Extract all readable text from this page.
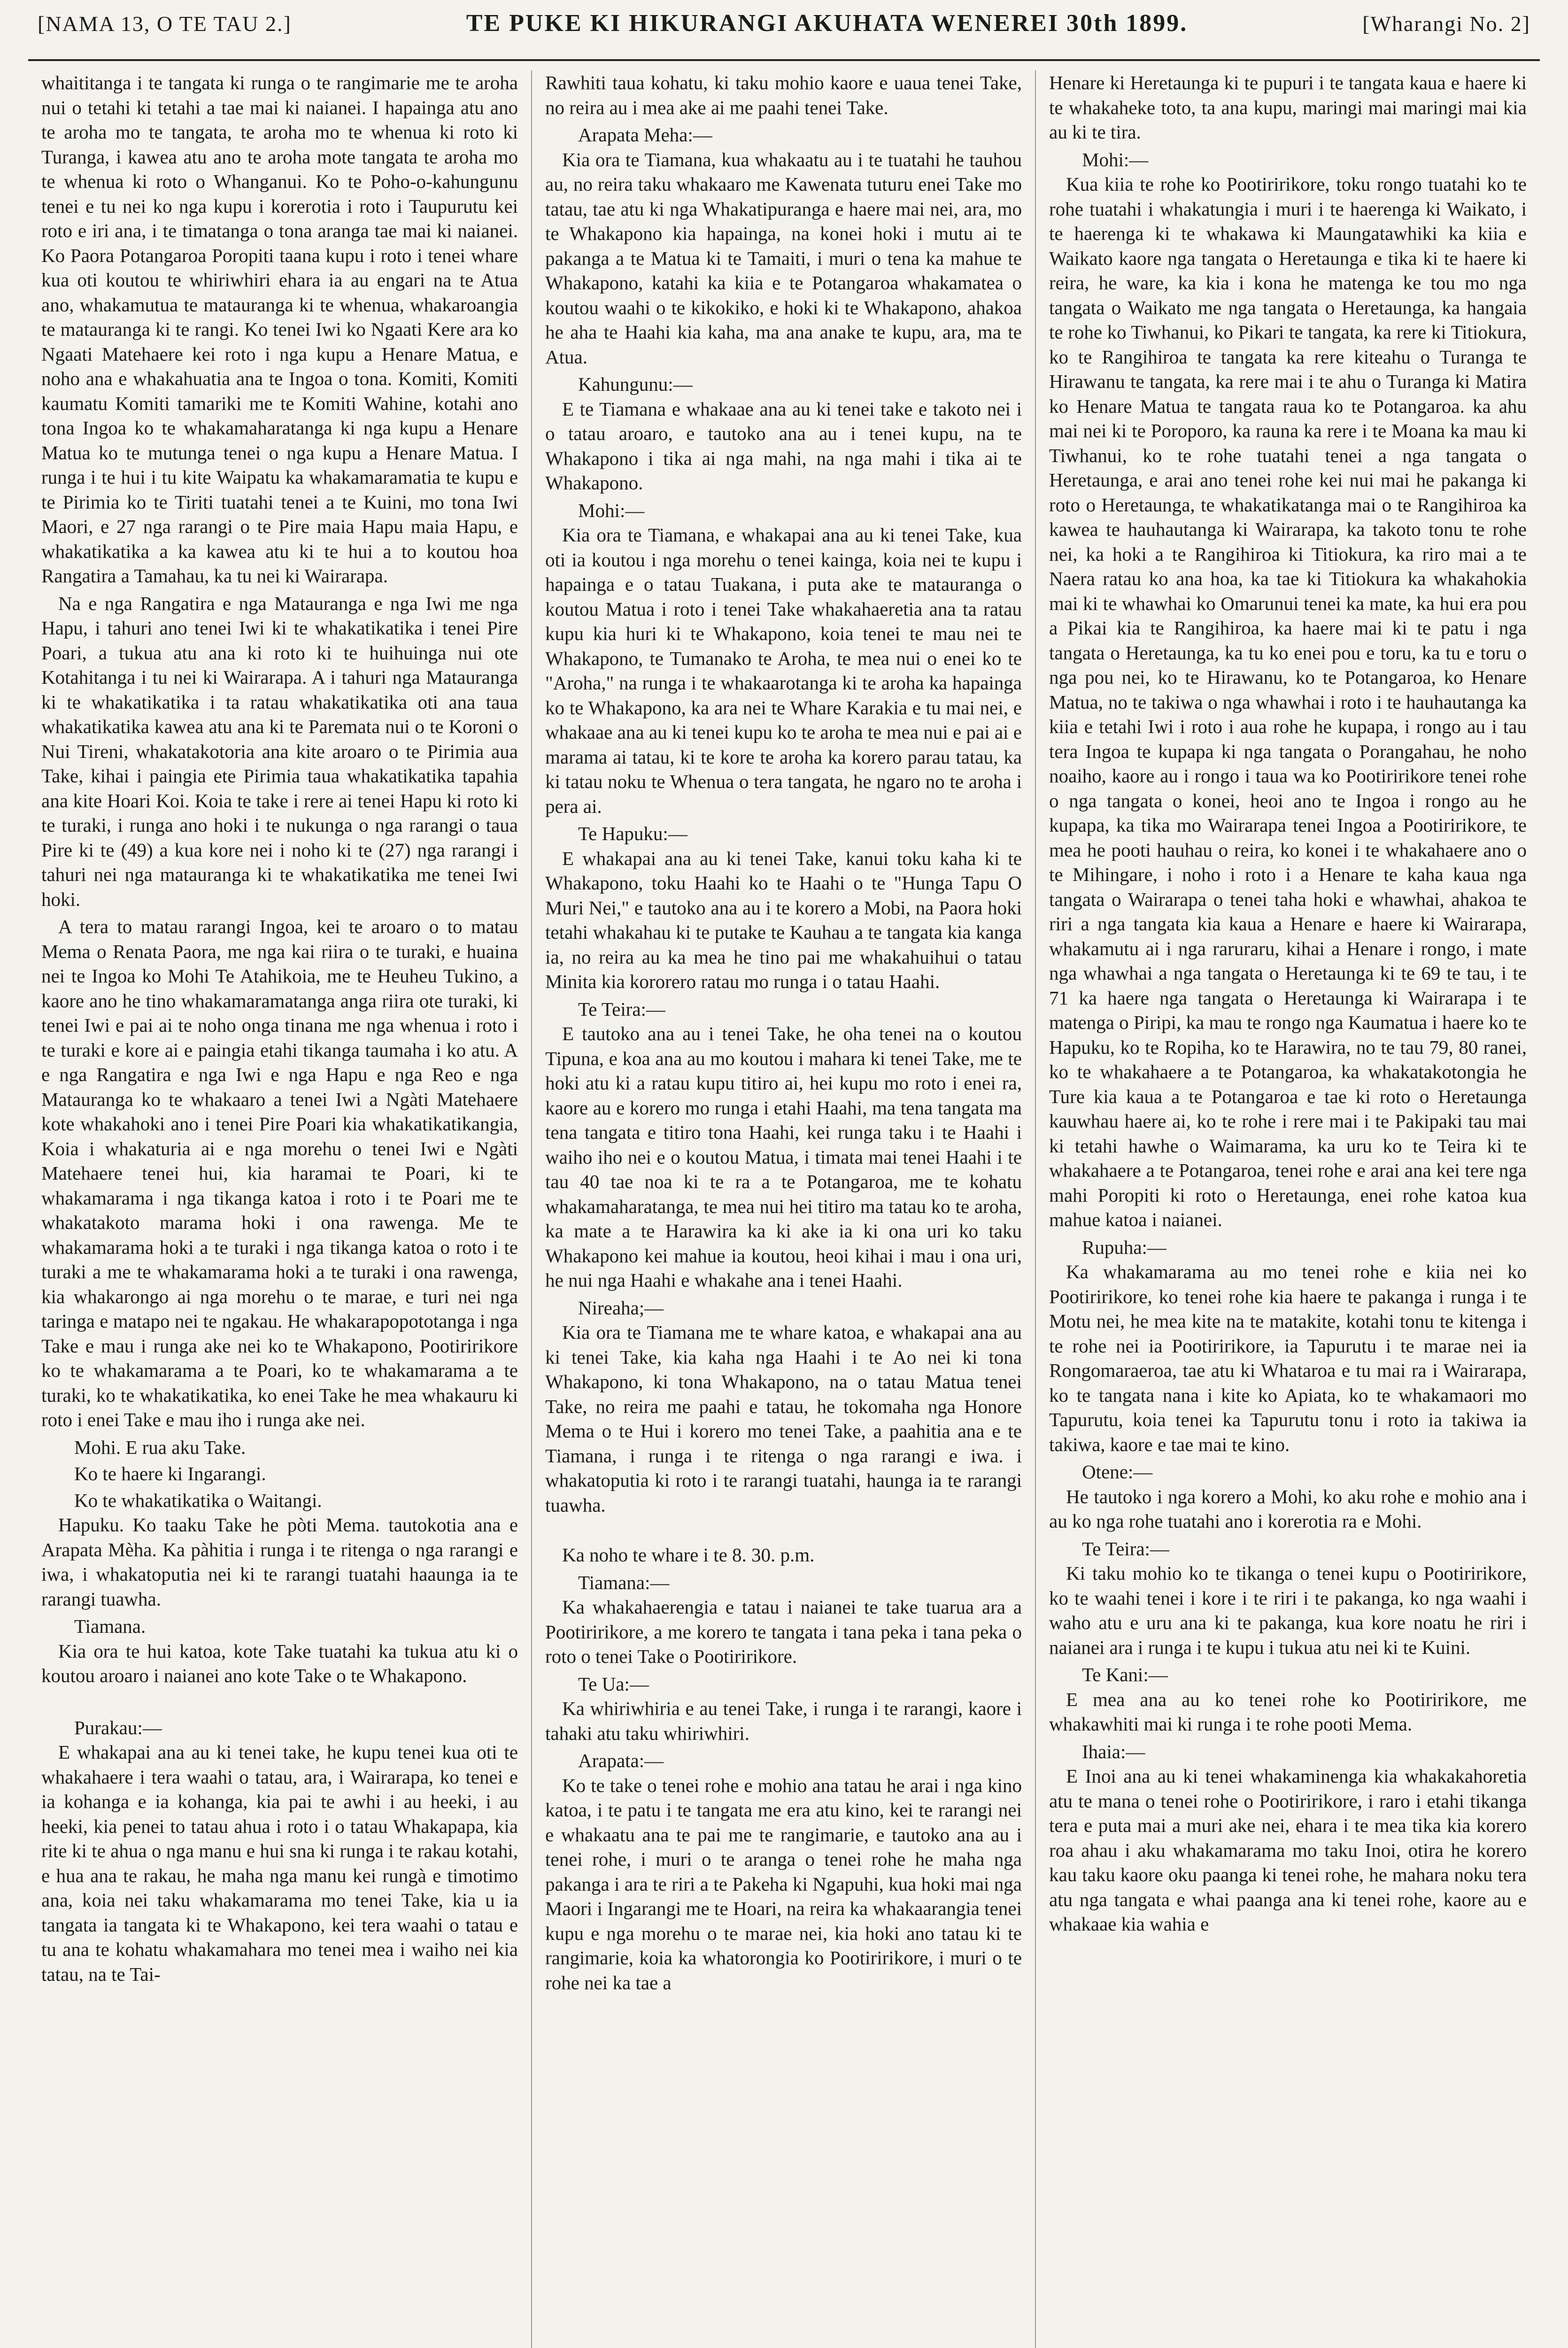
[NAMA 13, O TE TAU 2.]	TE PUKE KI HIKURANGI AKUHATA WENEREI 30th 1899.	[Wharangi No. 2]

whaititanga i te tangata ki runga o te rangimarie me te aroha nui o tetahi ki tetahi a tae mai ki naianei. I hapainga atu ano te aroha mo te tangata, te aroha mo te whenua ki roto ki Turanga, i kawea atu ano te aroha mote tangata te aroha mo te whenua ki roto o Whanganui. Ko te Poho-o-kahungunu tenei e tu nei ko nga kupu i korerotia i roto i Taupurutu kei roto e iri ana, i te timatanga o tona aranga tae mai ki naianei. Ko Paora Potangaroa Poropiti taana kupu i roto i tenei whare kua oti koutou te whiriwhiri ehara ia au engari na te Atua ano, whakamutua te matauranga ki te whenua, whakaroangia te matauranga ki te rangi. Ko tenei Iwi ko Ngaati Kere ara ko Ngaati Matehaere kei roto i nga kupu a Henare Matua, e noho ana e whakahuatia ana te Ingoa o tona. Komiti, Komiti kaumatu Komiti tamariki me te Komiti Wahine, kotahi ano tona Ingoa ko te whakamaharatanga ki nga kupu a Henare Matua ko te mutunga tenei o nga kupu a Henare Matua. I runga i te hui i tu kite Waipatu ka whakamaramatia te kupu e te Pirimia ko te Tiriti tuatahi tenei a te Kuini, mo tona Iwi Maori, e 27 nga rarangi o te Pire maia Hapu maia Hapu, e whakatikatika a ka kawea atu ki te hui a to koutou hoa Rangatira a Tamahau, ka tu nei ki Wairarapa.

Na e nga Rangatira e nga Matauranga e nga Iwi me nga Hapu, i tahuri ano tenei Iwi ki te whakatikatika i tenei Pire Poari, a tukua atu ana ki roto ki te huihuinga nui ote Kotahitanga i tu nei ki Wairarapa. A i tahuri nga Matauranga ki te whakatikatika i ta ratau whakatikatika oti ana taua whakatikatika kawea atu ana ki te Paremata nui o te Koroni o Nui Tireni, whakatakotoria ana kite aroaro o te Pirimia aua Take, kihai i paingia ete Pirimia taua whakatikatika tapahia ana kite Hoari Koi. Koia te take i rere ai tenei Hapu ki roto ki te turaki, i runga ano hoki i te nukunga o nga rarangi o taua Pire ki te (49) a kua kore nei i noho ki te (27) nga rarangi i tahuri nei nga matauranga ki te whakatikatika me tenei Iwi hoki.

A tera to matau rarangi Ingoa, kei te aroaro o to matau Mema o Renata Paora, me nga kai riira o te turaki, e huaina nei te Ingoa ko Mohi Te Atahikoia, me te Heuheu Tukino, a kaore ano he tino whakamaramatanga anga riira ote turaki, ki tenei Iwi e pai ai te noho onga tinana me nga whenua i roto i te turaki e kore ai e paingia etahi tikanga taumaha i ko atu. A e nga Rangatira e nga Iwi e nga Hapu e nga Reo e nga Matauranga ko te whakaaro a tenei Iwi a Ngàti Matehaere kote whakahoki ano i tenei Pire Poari kia whakatikatikangia, Koia i whakaturia ai e nga morehu o tenei Iwi e Ngàti Matehaere tenei hui, kia haramai te Poari, ki te whakamarama i nga tikanga katoa i roto i te Poari me te whakatakoto marama hoki i ona rawenga. Me te whakamarama hoki a te turaki i nga tikanga katoa o roto i te turaki a me te whakamarama hoki a te turaki i ona rawenga, kia whakarongo ai nga morehu o te marae, e turi nei nga taringa e matapo nei te ngakau. He whakarapopototanga i nga Take e mau i runga ake nei ko te Whakapono, Pootiririkore ko te whakamarama a te Poari, ko te whakamarama a te turaki, ko te whakatikatika, ko enei Take he mea whakauru ki roto i enei Take e mau iho i runga ake nei.

Mohi. E rua aku Take.
Ko te haere ki Ingarangi.
Ko te whakatikatika o Waitangi.

Hapuku. Ko taaku Take he pòti Mema. tautokotia ana e Arapata Mèha. Ka pàhitia i runga i te ritenga o nga rarangi e iwa, i whakatoputia nei ki te rarangi tuatahi haaunga ia te rarangi tuawha.

Tiamana.

Kia ora te hui katoa, kote Take tuatahi ka tukua atu ki o koutou aroaro i naianei ano kote Take o te Whakapono.

Purakau:—

E whakapai ana au ki tenei take, he kupu tenei kua oti te whakahaere i tera waahi o tatau, ara, i Wairarapa, ko tenei e ia kohanga e ia kohanga, kia pai te awhi i au heeki, i au heeki, kia penei to tatau ahua i roto i o tatau Whakapapa, kia rite ki te ahua o nga manu e hui sna ki runga i te rakau kotahi, e hua ana te rakau, he maha nga manu kei rungà e timotimo ana, koia nei taku whakamarama mo tenei Take, kia u ia tangata ia tangata ki te Whakapono, kei tera waahi o tatau e tu ana te kohatu whakamahara mo tenei mea i waiho nei kia tatau, na te Tai-

Rawhiti taua kohatu, ki taku mohio kaore e uaua tenei Take, no reira au i mea ake ai me paahi tenei Take.

Arapata Meha:—

Kia ora te Tiamana, kua whakaatu au i te tuatahi he tauhou au, no reira taku whakaaro me Kawenata tuturu enei Take mo tatau, tae atu ki nga Whakatipuranga e haere mai nei, ara, mo te Whakapono kia hapainga, na konei hoki i mutu ai te pakanga a te Matua ki te Tamaiti, i muri o tena ka mahue te Whakapono, katahi ka kiia e te Potangaroa whakamatea o koutou waahi o te kikokiko, e hoki ki te Whakapono, ahakoa he aha te Haahi kia kaha, ma ana anake te kupu, ara, ma te Atua.

Kahungunu:—

E te Tiamana e whakaae ana au ki tenei take e takoto nei i o tatau aroaro, e tautoko ana au i tenei kupu, na te Whakapono i tika ai nga mahi, na nga mahi i tika ai te Whakapono.

Mohi:—

Kia ora te Tiamana, e whakapai ana au ki tenei Take, kua oti ia koutou i nga morehu o tenei kainga, koia nei te kupu i hapainga e o tatau Tuakana, i puta ake te matauranga o koutou Matua i roto i tenei Take whakahaeretia ana ta ratau kupu kia huri ki te Whakapono, koia tenei te mau nei te Whakapono, te Tumanako te Aroha, te mea nui o enei ko te "Aroha," na runga i te whakaarotanga ki te aroha ka hapainga ko te Whakapono, ka ara nei te Whare Karakia e tu mai nei, e whakaae ana au ki tenei kupu ko te aroha te mea nui e pai ai e marama ai tatau, ki te kore te aroha ka korero parau tatau, ka ki tatau noku te Whenua o tera tangata, he ngaro no te aroha i pera ai.

Te Hapuku:—

E whakapai ana au ki tenei Take, kanui toku kaha ki te Whakapono, toku Haahi ko te Haahi o te "Hunga Tapu O Muri Nei," e tautoko ana au i te korero a Mobi, na Paora hoki tetahi whakahau ki te putake te Kauhau a te tangata kia kanga ia, no reira au ka mea he tino pai me whakahuihui o tatau Minita kia kororero ratau mo runga i o tatau Haahi.

Te Teira:—

E tautoko ana au i tenei Take, he oha tenei na o koutou Tipuna, e koa ana au mo koutou i mahara ki tenei Take, me te hoki atu ki a ratau kupu titiro ai, hei kupu mo roto i enei ra, kaore au e korero mo runga i etahi Haahi, ma tena tangata ma tena tangata e titiro tona Haahi, kei runga taku i te Haahi i waiho iho nei e o koutou Matua, i timata mai tenei Haahi i te tau 40 tae noa ki te ra a te Potangaroa, me te kohatu whakamaharatanga, te mea nui hei titiro ma tatau ko te aroha, ka mate a te Harawira ka ki ake ia ki ona uri ko taku Whakapono kei mahue ia koutou, heoi kihai i mau i ona uri, he nui nga Haahi e whakahe ana i tenei Haahi.

Nireaha;—

Kia ora te Tiamana me te whare katoa, e whakapai ana au ki tenei Take, kia kaha nga Haahi i te Ao nei ki tona Whakapono, ki tona Whakapono, na o tatau Matua tenei Take, no reira me paahi e tatau, he tokomaha nga Honore Mema o te Hui i korero mo tenei Take, a paahitia ana e te Tiamana, i runga i te ritenga o nga rarangi e iwa. i whakatoputia ki roto i te rarangi tuatahi, haunga ia te rarangi tuawha.

Ka noho te whare i te 8. 30. p.m.

Tiamana:—

Ka whakahaerengia e tatau i naianei te take tuarua ara a Pootiririkore, a me korero te tangata i tana peka i tana peka o roto o tenei Take o Pootiririkore.

Te Ua:—

Ka whiriwhiria e au tenei Take, i runga i te rarangi, kaore i tahaki atu taku whiriwhiri.

Arapata:—

Ko te take o tenei rohe e mohio ana tatau he arai i nga kino katoa, i te patu i te tangata me era atu kino, kei te rarangi nei e whakaatu ana te pai me te rangimarie, e tautoko ana au i tenei rohe, i muri o te aranga o tenei rohe he maha nga pakanga i ara te riri a te Pakeha ki Ngapuhi, kua hoki mai nga Maori i Ingarangi me te Hoari, na reira ka whakaarangia tenei kupu e nga morehu o te marae nei, kia hoki ano tatau ki te rangimarie, koia ka whatorongia ko Pootiririkore, i muri o te rohe nei ka tae a

Henare ki Heretaunga ki te pupuri i te tangata kaua e haere ki te whakaheke toto, ta ana kupu, maringi mai maringi mai kia au ki te tira.

Mohi:—

Kua kiia te rohe ko Pootiririkore, toku rongo tuatahi ko te rohe tuatahi i whakatungia i muri i te haerenga ki Waikato, i te haerenga ki te whakawa ki Maungatawhiki ka kiia e Waikato kaore nga tangata o Heretaunga e tika ki te haere ki reira, he ware, ka kia i kona he matenga ke tou mo nga tangata o Waikato me nga tangata o Heretaunga, ka hangaia te rohe ko Tiwhanui, ko Pikari te tangata, ka rere ki Titiokura, ko te Rangihiroa te tangata ka rere kiteahu o Turanga te Hirawanu te tangata, ka rere mai i te ahu o Turanga ki Matira ko Henare Matua te tangata raua ko te Potangaroa. ka ahu mai nei ki te Poroporo, ka rauna ka rere i te Moana ka mau ki Tiwhanui, ko te rohe tuatahi tenei a nga tangata o Heretaunga, e arai ano tenei rohe kei nui mai he pakanga ki roto o Heretaunga, te whakatikatanga mai o te Rangihiroa ka kawea te hauhautanga ki Wairarapa, ka takoto tonu te rohe nei, ka hoki a te Rangihiroa ki Titiokura, ka riro mai a te Naera ratau ko ana hoa, ka tae ki Titiokura ka whakahokia mai ki te whawhai ko Omarunui tenei ka mate, ka hui era pou a Pikai kia te Rangihiroa, ka haere mai ki te patu i nga tangata o Heretaunga, ka tu ko enei pou e toru, ka tu e toru o nga pou nei, ko te Hirawanu, ko te Potangaroa, ko Henare Matua, no te takiwa o nga whawhai i roto i te hauhautanga ka kiia e tetahi Iwi i roto i aua rohe he kupapa, i rongo au i tau tera Ingoa te kupapa ki nga tangata o Porangahau, he noho noaiho, kaore au i rongo i taua wa ko Pootiririkore tenei rohe o nga tangata o konei, heoi ano te Ingoa i rongo au he kupapa, ka tika mo Wairarapa tenei Ingoa a Pootiririkore, te mea he pooti hauhau o reira, ko konei i te whakahaere ano o te Mihingare, i noho i roto i a Henare te kaha kaua nga tangata o Wairarapa o tenei taha hoki e whawhai, ahakoa te riri a nga tangata kia kaua a Henare e haere ki Wairarapa, whakamutu ai i nga raruraru, kihai a Henare i rongo, i mate nga whawhai a nga tangata o Heretaunga ki te 69 te tau, i te 71 ka haere nga tangata o Heretaunga ki Wairarapa i te matenga o Piripi, ka mau te rongo nga Kaumatua i haere ko te Hapuku, ko te Ropiha, ko te Harawira, no te tau 79, 80 ranei, ko te whakahaere a te Potangaroa, ka whakatakotongia he Ture kia kaua a te Potangaroa e tae ki roto o Heretaunga kauwhau haere ai, ko te rohe i rere mai i te Pakipaki tau mai ki tetahi hawhe o Waimarama, ka uru ko te Teira ki te whakahaere a te Potangaroa, tenei rohe e arai ana kei tere nga mahi Poropiti ki roto o Heretaunga, enei rohe katoa kua mahue katoa i naianei.

Rupuha:—

Ka whakamarama au mo tenei rohe e kiia nei ko Pootiririkore, ko tenei rohe kia haere te pakanga i runga i te Motu nei, he mea kite na te matakite, kotahi tonu te kitenga i te rohe nei ia Pootiririkore, ia Tapurutu i te marae nei ia Rongomaraeroa, tae atu ki Whataroa e tu mai ra i Wairarapa, ko te tangata nana i kite ko Apiata, ko te whakamaori mo Tapurutu, koia tenei ka Tapurutu tonu i roto ia takiwa ia takiwa, kaore e tae mai te kino.

Otene:—

He tautoko i nga korero a Mohi, ko aku rohe e mohio ana i au ko nga rohe tuatahi ano i korerotia ra e Mohi.

Te Teira:—

Ki taku mohio ko te tikanga o tenei kupu o Pootiririkore, ko te waahi tenei i kore i te riri i te pakanga, ko nga waahi i waho atu e uru ana ki te pakanga, kua kore noatu he riri i naianei ara i runga i te kupu i tukua atu nei ki te Kuini.

Te Kani:—

E mea ana au ko tenei rohe ko Pootiririkore, me whakawhiti mai ki runga i te rohe pooti Mema.

Ihaia:—

E Inoi ana au ki tenei whakaminenga kia whakakahoretia atu te mana o tenei rohe o Pootiririkore, i raro i etahi tikanga tera e puta mai a muri ake nei, ehara i te mea tika kia korero roa ahau i aku whakamarama mo taku Inoi, otira he korero kau taku kaore oku paanga ki tenei rohe, he mahara noku tera atu nga tangata e whai paanga ana ki tenei rohe, kaore au e whakaae kia wahia e
